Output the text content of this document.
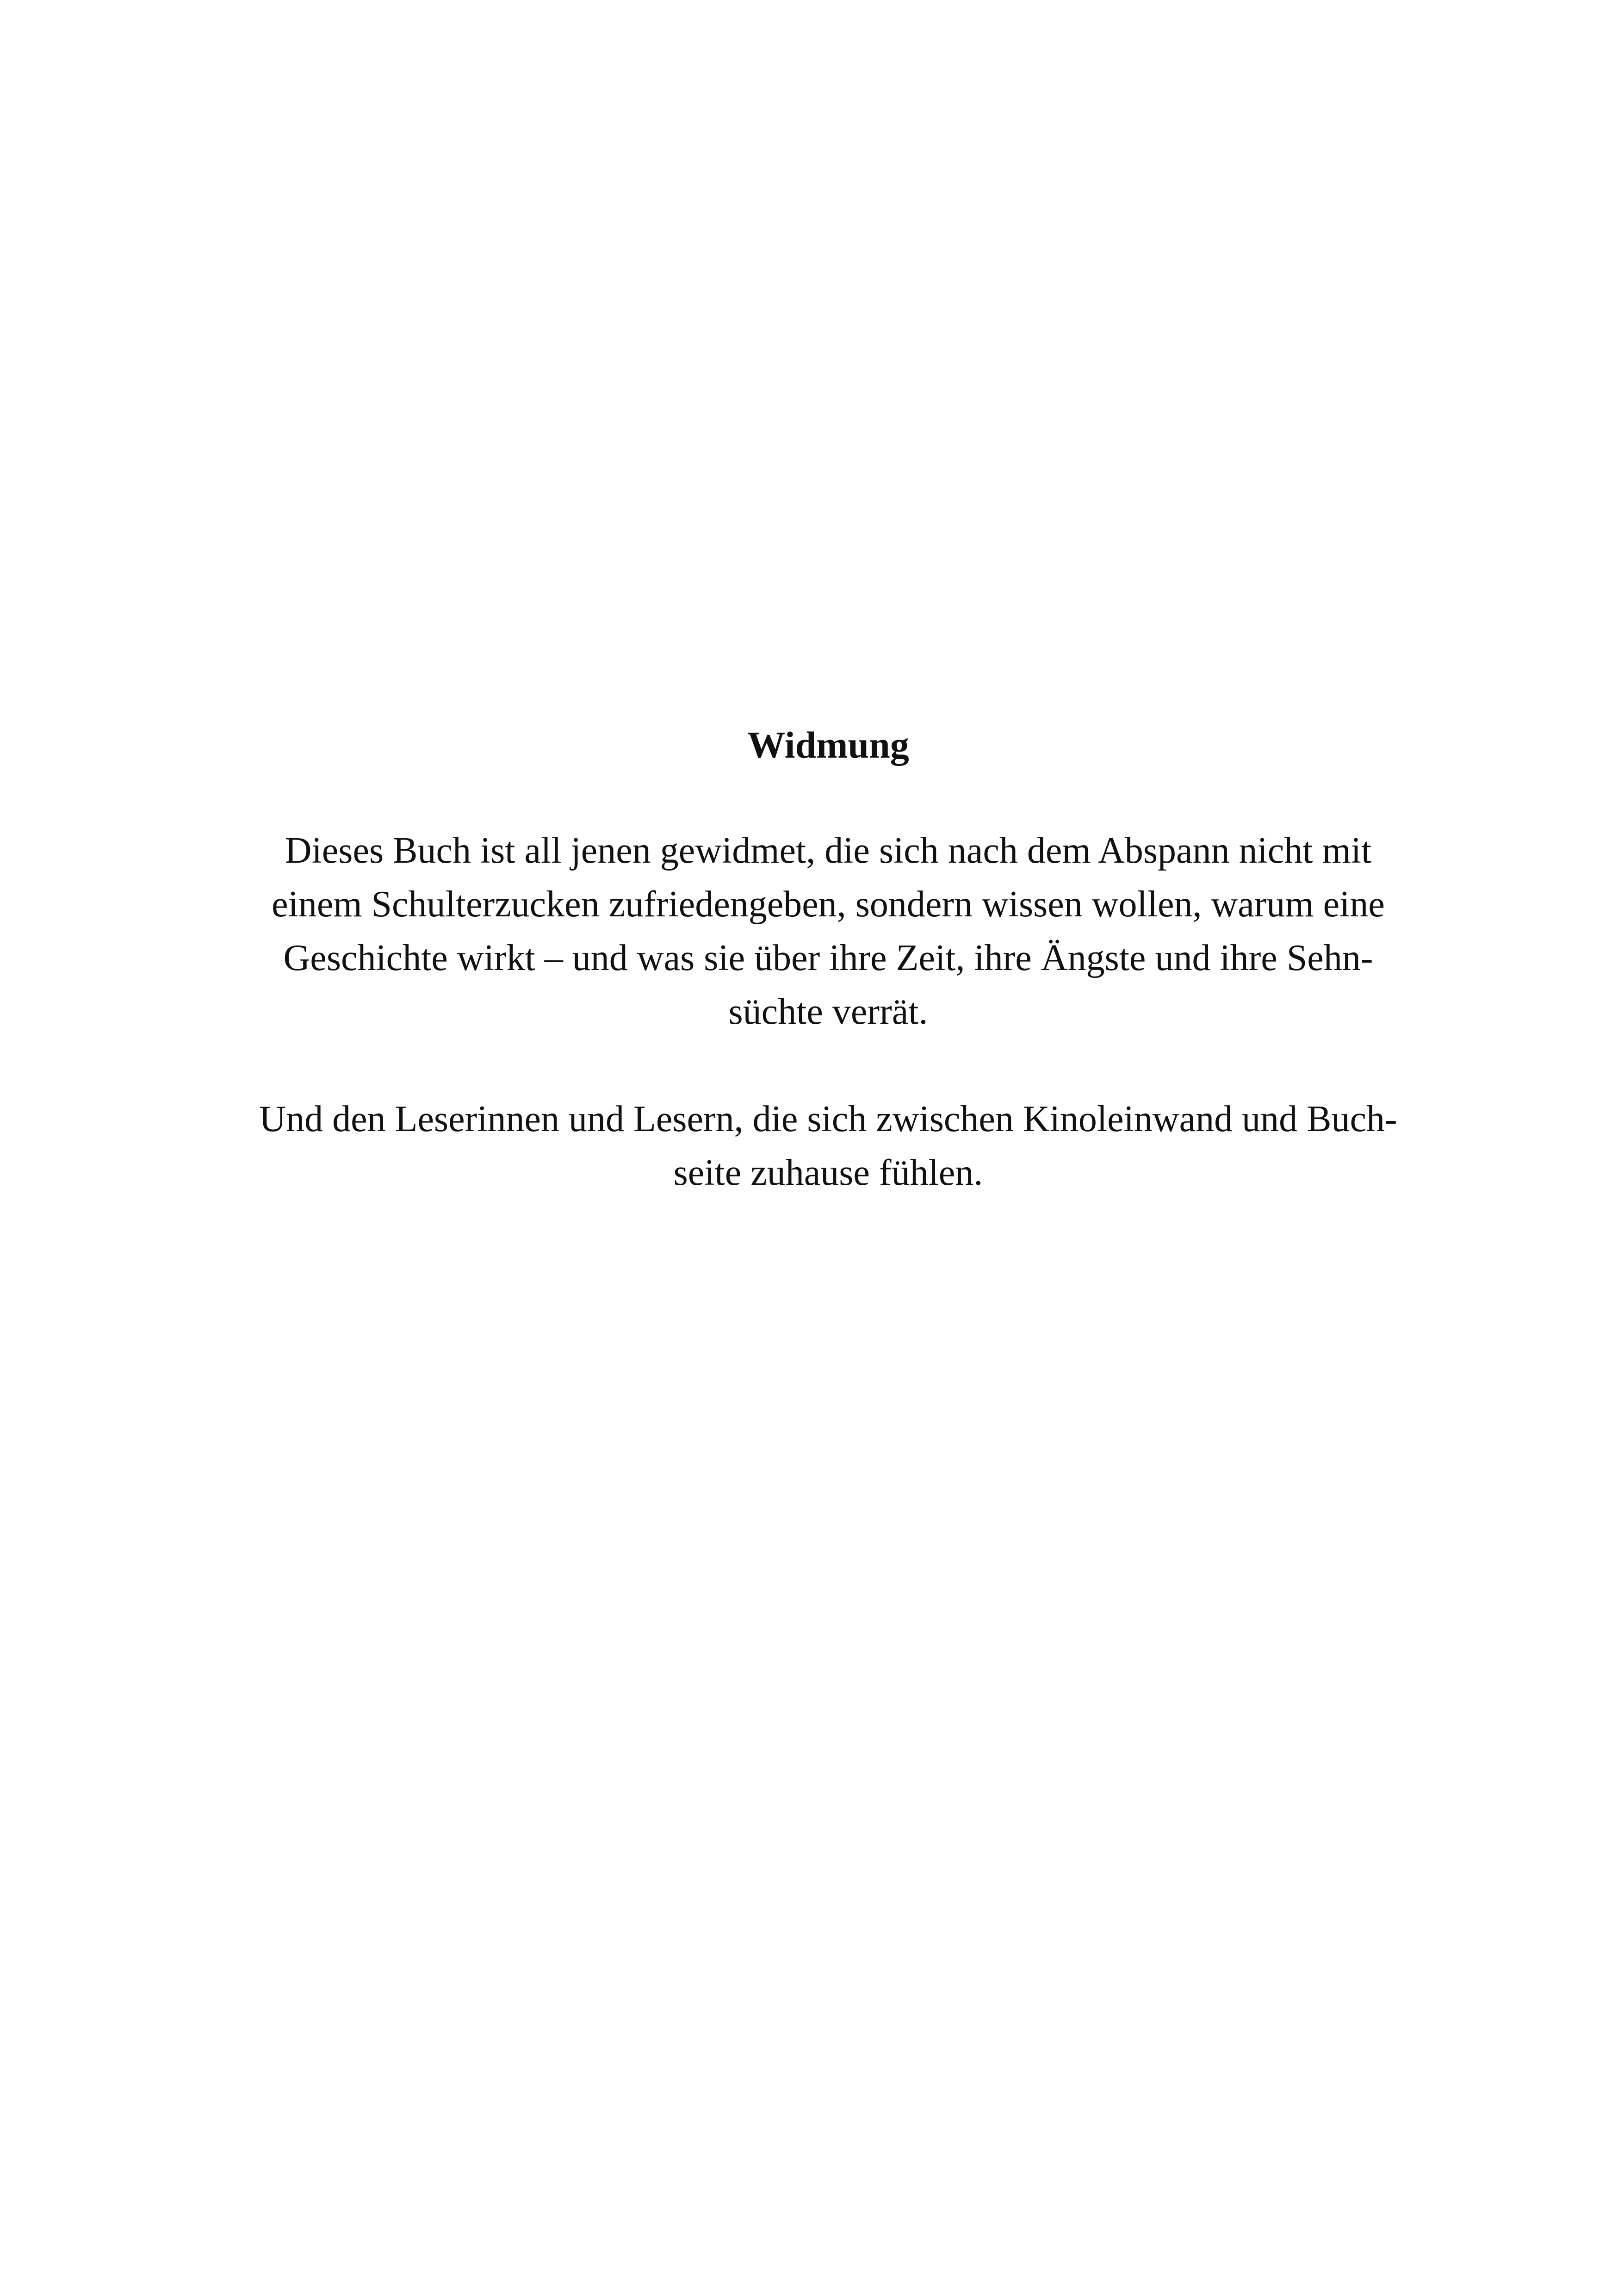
Widmung

Dieses Buch ist all jenen gewidmet, die sich nach dem Abspann nicht mit
einem Schulterzucken zufriedengeben, sondern wissen wollen, warum eine
Geschichte wirkt – und was sie über ihre Zeit, ihre Ängste und ihre Sehn-
süchte verrät.

Und den Leserinnen und Lesern, die sich zwischen Kinoleinwand und Buch-
seite zuhause fühlen.
